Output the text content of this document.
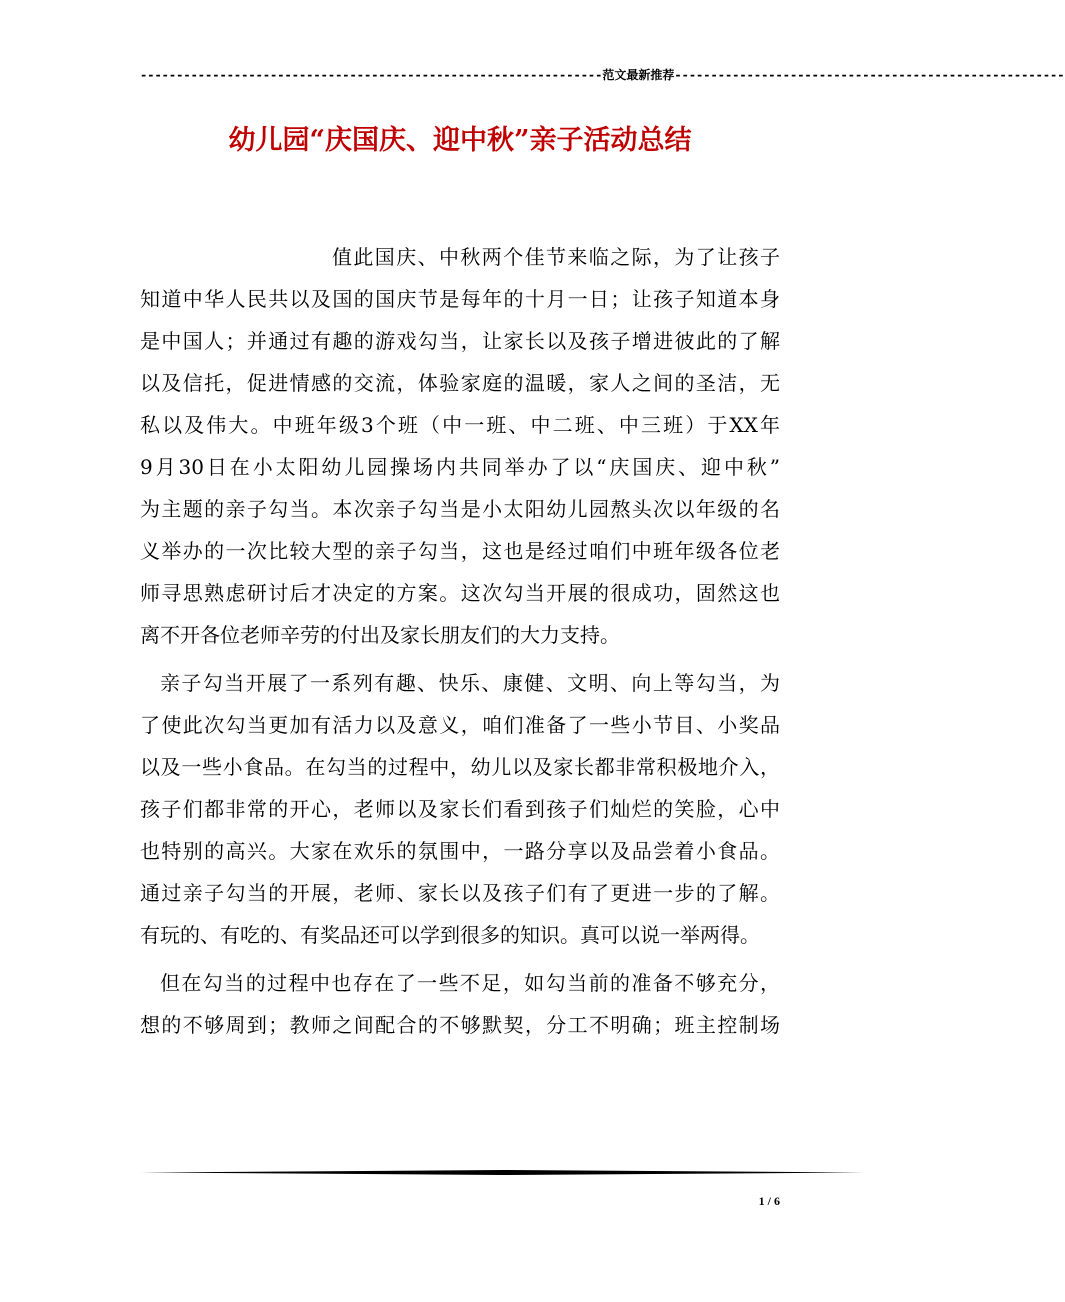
----------------------------------------------------------------范文最新推荐------------------------------------------------------
幼儿园“庆国庆、迎中秋”亲子活动总结
值此国庆、中秋两个佳节来临之际，为了让孩子
知道中华人民共以及国的国庆节是每年的十月一日；让孩子知道本身
是中国人；并通过有趣的游戏勾当，让家长以及孩子增进彼此的了解
以及信托，促进情感的交流，体验家庭的温暖，家人之间的圣洁，无
私以及伟大。中班年级3个班（中一班、中二班、中三班）于XX年
9月30日在小太阳幼儿园操场内共同举办了以“庆国庆、迎中秋”
为主题的亲子勾当。本次亲子勾当是小太阳幼儿园熬头次以年级的名
义举办的一次比较大型的亲子勾当，这也是经过咱们中班年级各位老
师寻思熟虑研讨后才决定的方案。这次勾当开展的很成功，固然这也
离不开各位老师辛劳的付出及家长朋友们的大力支持。
亲子勾当开展了一系列有趣、快乐、康健、文明、向上等勾当，为
了使此次勾当更加有活力以及意义，咱们准备了一些小节目、小奖品
以及一些小食品。在勾当的过程中，幼儿以及家长都非常积极地介入，
孩子们都非常的开心，老师以及家长们看到孩子们灿烂的笑脸，心中
也特别的高兴。大家在欢乐的氛围中，一路分享以及品尝着小食品。
通过亲子勾当的开展，老师、家长以及孩子们有了更进一步的了解。
有玩的、有吃的、有奖品还可以学到很多的知识。真可以说一举两得。
但在勾当的过程中也存在了一些不足，如勾当前的准备不够充分，
想的不够周到；教师之间配合的不够默契，分工不明确；班主控制场
1 / 6
